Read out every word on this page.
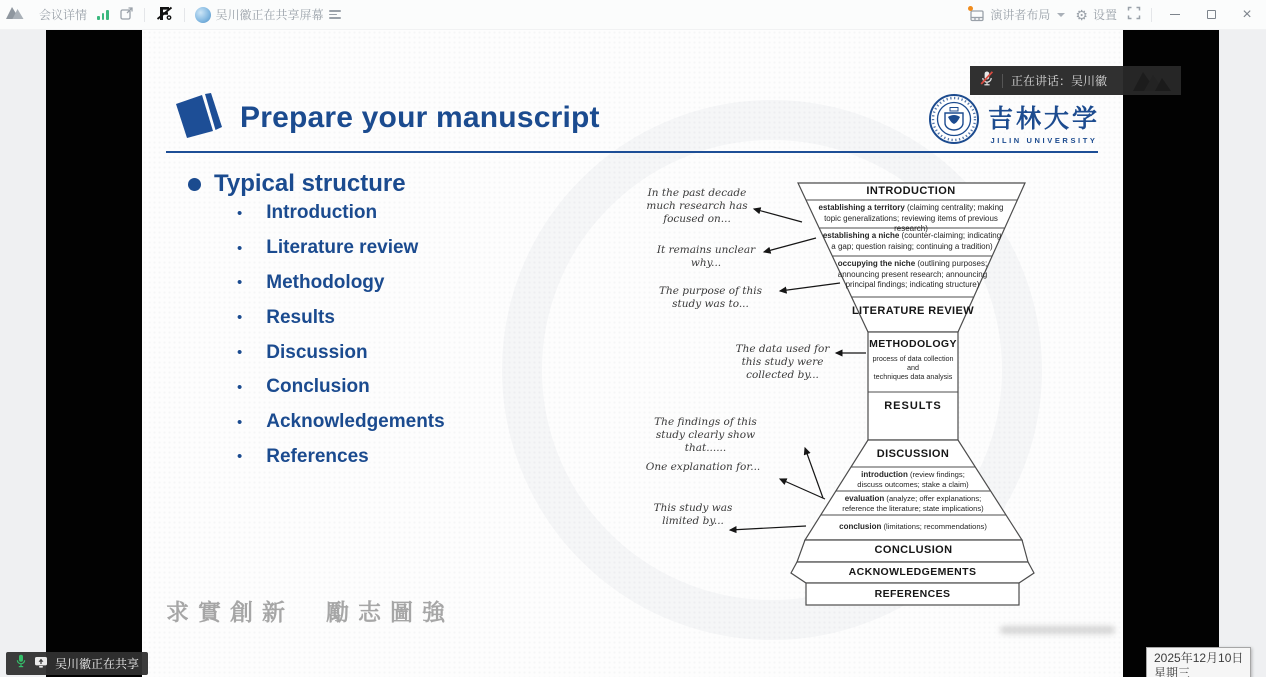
会议详情	吴川徽正在共享屏幕	演讲者布局 ⚙ 设置	×
Prepare your manuscript	吉林大学
JILIN UNIVERSITY
Typical structure
• Introduction
• Literature review
• Methodology
• Results
• Discussion
• Conclusion
• Acknowledgements
• References
INTRODUCTION
establishing a territory (claiming centrality; making topic generalizations; reviewing items of previous research)
establishing a niche (counter-claiming; indicating a gap; question raising; continuing a tradition)
occupying the niche (outlining purposes; announcing present research; announcing principal findings; indicating structure)
LITERATURE REVIEW
METHODOLOGY
process of data collection
and
techniques data analysis
RESULTS
DISCUSSION
introduction (review findings; discuss outcomes; stake a claim)
evaluation (analyze; offer explanations; reference the literature; state implications)
conclusion (limitations; recommendations)
CONCLUSION
ACKNOWLEDGEMENTS
REFERENCES
In the past decade much research has focused on...
It remains unclear why...
The purpose of this study was to...
The data used for this study were collected by...
The findings of this study clearly show that......
One explanation for...
This study was limited by...
求實創新　勵志圖強
正在讲话：吴川徽
吴川徽正在共享	2025年12月10日
星期三
